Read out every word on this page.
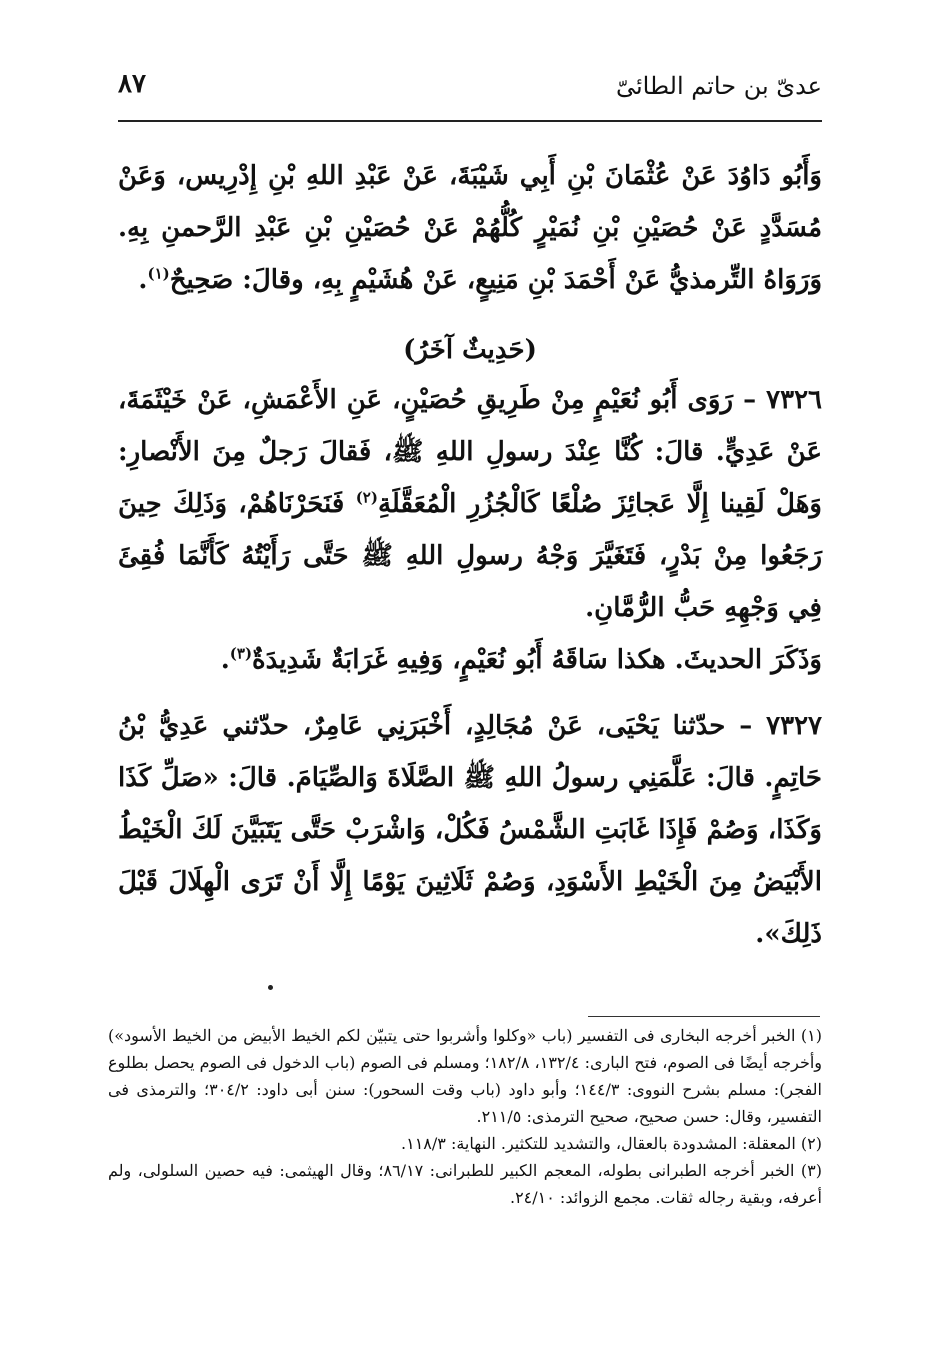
عدىّ بن حاتم الطائىّ
٨٧

وَأَبُو دَاوُدَ عَنْ عُثْمَانَ بْنِ أَبِي شَيْبَةَ، عَنْ عَبْدِ اللهِ بْنِ إِدْرِيس، وَعَنْ مُسَدَّدٍ عَنْ حُصَيْنِ بْنِ نُمَيْرٍ كُلُّهُمْ عَنْ حُصَيْنِ بْنِ عَبْدِ الرَّحمنِ بِهِ. وَرَوَاهُ التِّرمذيُّ عَنْ أَحْمَدَ بْنِ مَنِيعٍ، عَنْ هُشَيْمٍ بِهِ، وقالَ: صَحِيحٌ$^{(١)}$.

(حَدِيثٌ آخَرُ)

٧٣٢٦ – رَوَى أَبُو نُعَيْمٍ مِنْ طَرِيقِ حُصَيْنٍ، عَنِ الأَعْمَشِ، عَنْ خَيْثَمَةَ، عَنْ عَدِيٍّ. قالَ: كُنَّا عِنْدَ رسولِ اللهِ ﷺ، فَقالَ رَجلٌ مِنَ الأَنْصارِ: وَهَلْ لَقِينا إِلَّا عَجائِزَ صُلْعًا كَالْجُزُرِ الْمُعَقَّلَةِ$^{(٢)}$ فَنَحَرْنَاهُمْ، وَذَلِكَ حِينَ رَجَعُوا مِنْ بَدْرٍ، فَتَغَيَّرَ وَجْهُ رسولِ اللهِ ﷺ حَتَّى رَأَيْتُهُ كَأَنَّمَا فُقِئَ فِي وَجْهِهِ حَبُّ الرُّمَّانِ.

وَذَكَرَ الحديثَ. هكذا سَاقَهُ أَبُو نُعَيْمٍ، وَفِيهِ غَرَابَةٌ شَدِيدَةٌ$^{(٣)}$.

٧٣٢٧ – حدّثنا يَحْيَى، عَنْ مُجَالِدٍ، أَخْبَرَنِي عَامِرٌ، حدّثني عَدِيُّ بْنُ حَاتِمٍ. قالَ: عَلَّمَنِي رسولُ اللهِ ﷺ الصَّلَاةَ وَالصِّيَامَ. قالَ: «صَلِّ كَذَا وَكَذَا، وَصُمْ فَإِذَا غَابَتِ الشَّمْسُ فَكُلْ، وَاشْرَبْ حَتَّى يَتَبَيَّنَ لَكَ الْخَيْطُ الأَبْيَضُ مِنَ الْخَيْطِ الأَسْوَدِ، وَصُمْ ثَلَاثِينَ يَوْمًا إِلَّا أَنْ تَرَى الْهِلَالَ قَبْلَ ذَلِكَ».

(١) الخبر أخرجه البخارى فى التفسير (باب «وكلوا وأشربوا حتى يتبيّن لكم الخيط الأبيض من الخيط الأسود») وأخرجه أيضًا فى الصوم، فتح البارى: ١٣٢/٤، ١٨٢/٨؛ ومسلم فى الصوم (باب الدخول فى الصوم يحصل بطلوع الفجر): مسلم بشرح النووى: ١٤٤/٣؛ وأبو داود (باب وقت السحور): سنن أبى داود: ٣٠٤/٢؛ والترمذى فى التفسير، وقال: حسن صحيح، صحيح الترمذى: ٢١١/٥.

(٢) المعقلة: المشدودة بالعقال، والتشديد للتكثير. النهاية: ١١٨/٣.

(٣) الخبر أخرجه الطبرانى بطوله، المعجم الكبير للطبرانى: ٨٦/١٧؛ وقال الهيثمى: فيه حصين السلولى، ولم أعرفه، وبقية رجاله ثقات. مجمع الزوائد: ٢٤/١٠.
